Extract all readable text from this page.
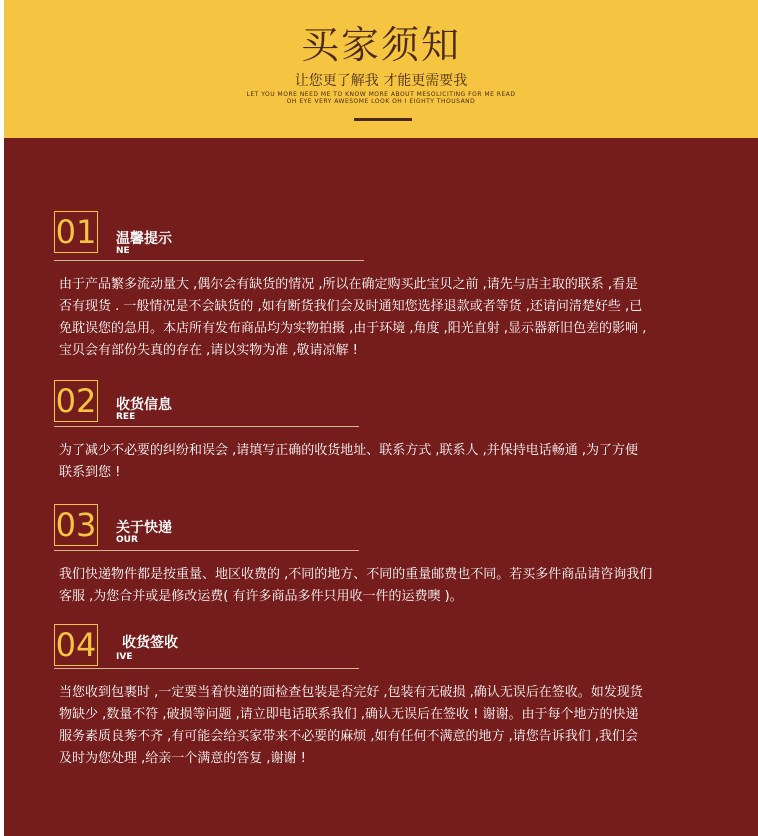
买家须知
让您更了解我 才能更需要我
LET YOU MORE NEED ME TO KNOW MORE ABOUT MESOLICITING FOR ME READ
OH EYE VERY AWESOME LOOK OH I EIGHTY THOUSAND
01 温馨提示
NE
由于产品繁多流动量大 ,偶尔会有缺货的情况 ,所以在确定购买此宝贝之前 ,请先与店主取的联系 ,看是
否有现货 . 一般情况是不会缺货的 ,如有断货我们会及时通知您选择退款或者等货 ,还请问清楚好些 ,已
免耽误您的急用。本店所有发布商品均为实物拍摄 ,由于环境 ,角度 ,阳光直射 ,显示器新旧色差的影响 ,
宝贝会有部份失真的存在 ,请以实物为准 ,敬请凉解 !
02 收货信息
REE
为了减少不必要的纠纷和误会 ,请填写正确的收货地址、联系方式 ,联系人 ,并保持电话畅通 ,为了方便
联系到您 !
03 关于快递
OUR
我们快递物件都是按重量、地区收费的 ,不同的地方、不同的重量邮费也不同。若买多件商品请咨询我们
客服 ,为您合并或是修改运费( 有许多商品多件只用收一件的运费噢 )。
04 收货签收
IVE
当您收到包裹时 ,一定要当着快递的面检查包装是否完好 ,包装有无破损 ,确认无误后在签收。如发现货
物缺少 ,数量不符 ,破损等问题 ,请立即电话联系我们 ,确认无误后在签收 ! 谢谢。由于每个地方的快递
服务素质良莠不齐 ,有可能会给买家带来不必要的麻烦 ,如有任何不满意的地方 ,请您告诉我们 ,我们会
及时为您处理 ,给亲一个满意的答复 ,谢谢 !
